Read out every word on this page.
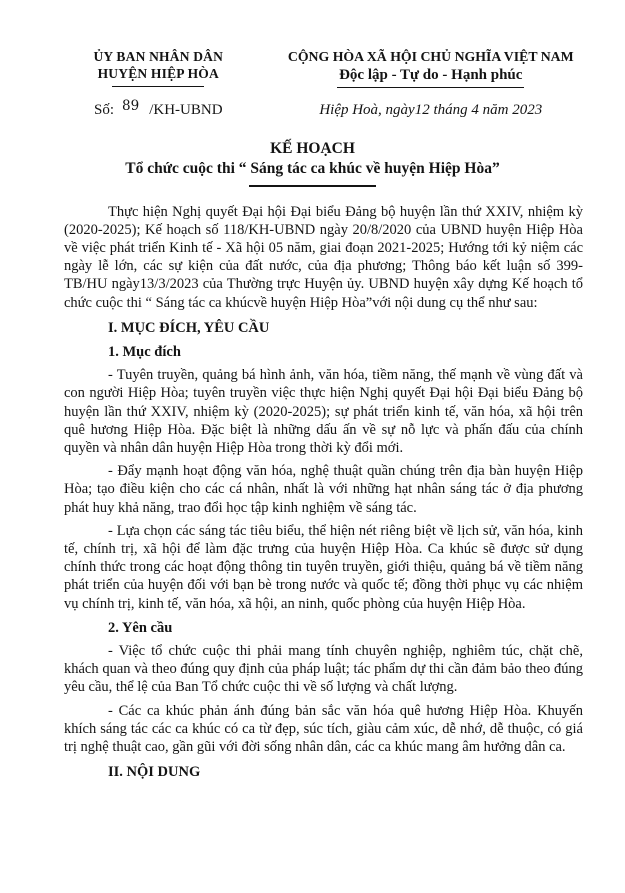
ỦY BAN NHÂN DÂN
HUYỆN HIỆP HÒA
CỘNG HÒA XÃ HỘI CHỦ NGHĨA VIỆT NAM
Độc lập - Tự do - Hạnh phúc
Số: 89 /KH-UBND	Hiệp Hoà, ngày12 tháng 4 năm 2023
KẾ HOẠCH
Tổ chức cuộc thi “ Sáng tác ca khúc về huyện Hiệp Hòa”

Thực hiện Nghị quyết Đại hội Đại biểu Đảng bộ huyện lần thứ XXIV, nhiệm kỳ (2020-2025); Kế hoạch số 118/KH-UBND ngày 20/8/2020 của UBND huyện Hiệp Hòa về việc phát triển Kinh tế - Xã hội 05 năm, giai đoạn 2021-2025; Hướng tới kỷ niệm các ngày lễ lớn, các sự kiện của đất nước, của địa phương; Thông báo kết luận số 399-TB/HU ngày13/3/2023 của Thường trực Huyện ủy. UBND huyện xây dựng Kế hoạch tổ chức cuộc thi “ Sáng tác ca khúcvề huyện Hiệp Hòa”với nội dung cụ thể như sau:

I. MỤC ĐÍCH, YÊU CẦU
1. Mục đích

- Tuyên truyền, quảng bá hình ảnh, văn hóa, tiềm năng, thế mạnh về vùng đất và con người Hiệp Hòa; tuyên truyền việc thực hiện Nghị quyết Đại hội Đại biểu Đảng bộ huyện lần thứ XXIV, nhiệm kỳ (2020-2025); sự phát triển kinh tế, văn hóa, xã hội trên quê hương Hiệp Hòa. Đặc biệt là những dấu ấn về sự nỗ lực và phấn đấu của chính quyền và nhân dân huyện Hiệp Hòa trong thời kỳ đổi mới.

- Đẩy mạnh hoạt động văn hóa, nghệ thuật quần chúng trên địa bàn huyện Hiệp Hòa; tạo điều kiện cho các cá nhân, nhất là với những hạt nhân sáng tác ở địa phương phát huy khả năng, trao đổi học tập kinh nghiệm về sáng tác.

- Lựa chọn các sáng tác tiêu biểu, thể hiện nét riêng biệt về lịch sử, văn hóa, kinh tế, chính trị, xã hội để làm đặc trưng của huyện Hiệp Hòa. Ca khúc sẽ được sử dụng chính thức trong các hoạt động thông tin tuyên truyền, giới thiệu, quảng bá về tiềm năng phát triển của huyện đối với bạn bè trong nước và quốc tế; đồng thời phục vụ các nhiệm vụ chính trị, kinh tế, văn hóa, xã hội, an ninh, quốc phòng của huyện Hiệp Hòa.

2. Yên cầu

- Việc tổ chức cuộc thi phải mang tính chuyên nghiệp, nghiêm túc, chặt chẽ, khách quan và theo đúng quy định của pháp luật; tác phẩm dự thi cần đảm bảo theo đúng yêu cầu, thể lệ của Ban Tổ chức cuộc thi về số lượng và chất lượng.

- Các ca khúc phản ánh đúng bản sắc văn hóa quê hương Hiệp Hòa. Khuyến khích sáng tác các ca khúc có ca từ đẹp, súc tích, giàu cảm xúc, dễ nhớ, dễ thuộc, có giá trị nghệ thuật cao, gần gũi với đời sống nhân dân, các ca khúc mang âm hưởng dân ca.

II. NỘI DUNG
